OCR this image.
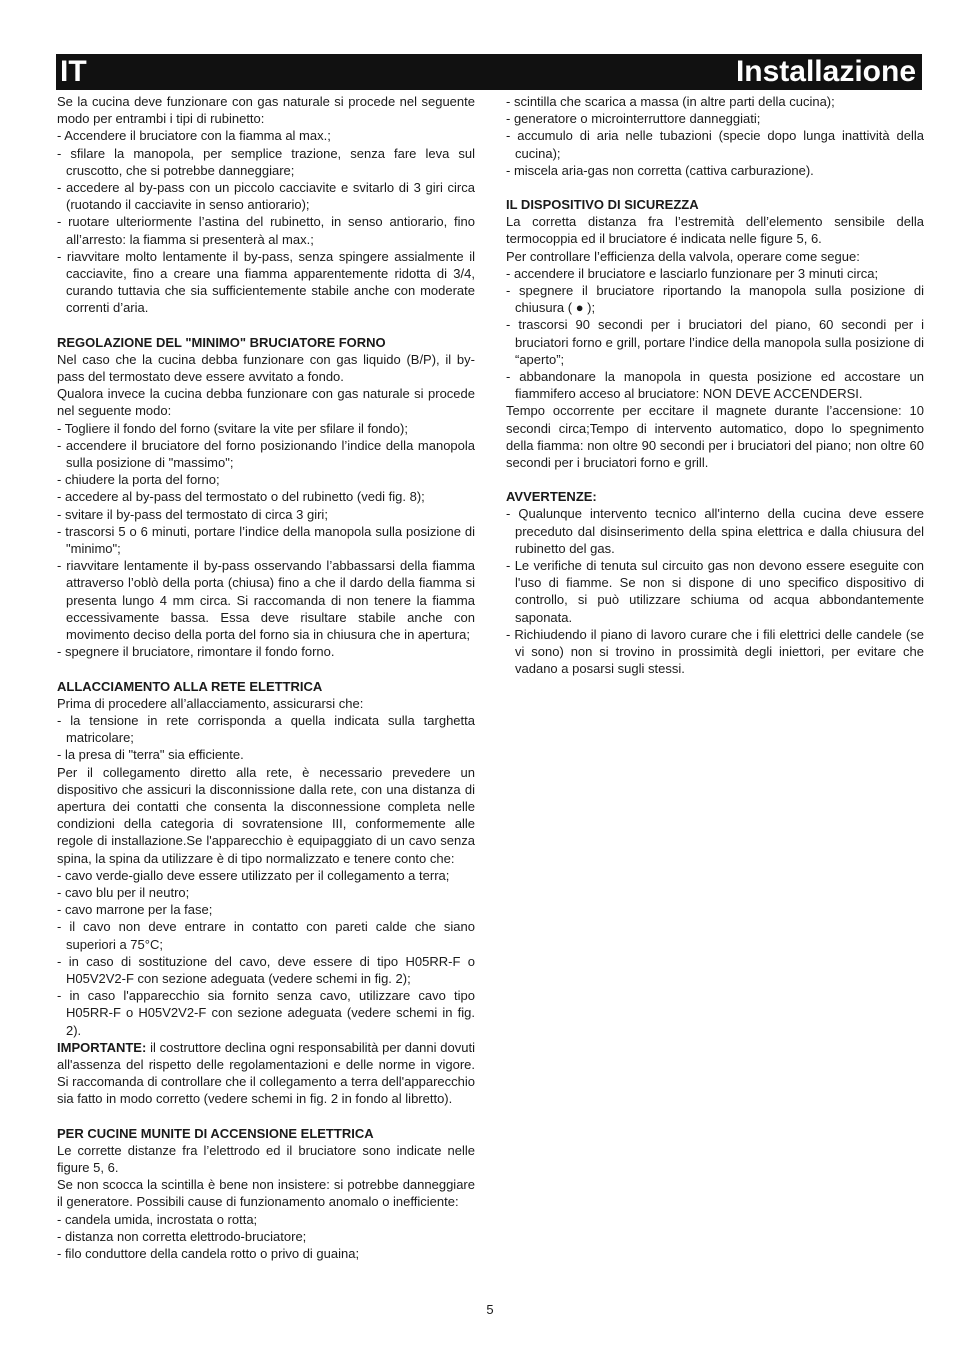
IT	Installazione

Se la cucina deve funzionare con gas naturale si procede nel seguente modo per entrambi i tipi di rubinetto:

- Accendere il bruciatore con la fiamma al max.;

- sfilare la manopola, per semplice trazione, senza fare leva sul cruscotto, che si potrebbe danneggiare;

- accedere al by-pass con un piccolo cacciavite e svitarlo di 3 giri circa (ruotando il cacciavite in senso antiorario);

- ruotare ulteriormente l’astina del rubinetto, in senso antiorario, fino all’arresto: la fiamma si presenterà al max.;

- riavvitare molto lentamente il by-pass, senza spingere assialmente il cacciavite, fino a creare una fiamma apparentemente ridotta di 3/4, curando tuttavia che sia sufficientemente stabile anche con moderate correnti d’aria.

REGOLAZIONE DEL "MINIMO" BRUCIATORE FORNO

Nel caso che la cucina debba funzionare con gas liquido (B/P), il by-pass del termostato deve essere avvitato a fondo.

Qualora invece la cucina debba funzionare con gas naturale si procede nel seguente modo:

- Togliere il fondo del forno (svitare la vite per sfilare il fondo);

- accendere il bruciatore del forno posizionando l’indice della manopola sulla posizione di "massimo";

- chiudere la porta del forno;

- accedere al by-pass del termostato o del rubinetto (vedi fig. 8);

- svitare il by-pass del termostato di circa 3 giri;

- trascorsi 5 o 6 minuti, portare l’indice della manopola sulla posizione di "minimo";

- riavvitare lentamente il by-pass osservando l’abbassarsi della fiamma attraverso l’oblò della porta (chiusa) fino a che il dardo della fiamma si presenta lungo 4 mm circa. Si raccomanda di non tenere la fiamma eccessivamente bassa. Essa deve risultare stabile anche con movimento deciso della porta del forno sia in chiusura che in apertura;

- spegnere il bruciatore, rimontare il fondo forno.

ALLACCIAMENTO ALLA RETE ELETTRICA

Prima di procedere all’allacciamento, assicurarsi che:

- la tensione in rete corrisponda a quella indicata sulla targhetta matricolare;

- la presa di "terra" sia efficiente.

Per il collegamento diretto alla rete, è necessario prevedere un dispositivo che assicuri la disconnissione dalla rete, con una distanza di apertura dei contatti che consenta la disconnessione completa nelle condizioni della categoria di sovratensione III, conformemente alle regole di installazione.Se l'apparecchio è equipaggiato di un cavo senza spina, la spina da utilizzare è di tipo normalizzato e tenere conto che:

- cavo verde-giallo deve essere utilizzato per il collegamento a terra;

- cavo blu per il neutro;

- cavo marrone per la fase;

- il cavo non deve entrare in contatto con pareti calde che siano superiori a 75°C;

- in caso di sostituzione del cavo, deve essere di tipo H05RR-F o H05V2V2-F con sezione adeguata (vedere schemi in fig. 2);

- in caso l'apparecchio sia fornito senza cavo, utilizzare cavo tipo H05RR-F o H05V2V2-F con sezione adeguata (vedere schemi in fig. 2).

IMPORTANTE: il costruttore declina ogni responsabilità per danni dovuti all'assenza del rispetto delle regolamentazioni e delle norme in vigore. Si raccomanda di controllare che il collegamento a terra dell'apparecchio sia fatto in modo corretto (vedere schemi in fig. 2 in fondo al libretto).

PER CUCINE MUNITE DI ACCENSIONE ELETTRICA

Le corrette distanze fra l’elettrodo ed il bruciatore sono indicate nelle figure 5, 6.

Se non scocca la scintilla è bene non insistere: si potrebbe danneggiare il generatore. Possibili cause di funzionamento anomalo o inefficiente:

- candela umida, incrostata o rotta;

- distanza non corretta elettrodo-bruciatore;

- filo conduttore della candela rotto o privo di guaina;

- scintilla che scarica a massa (in altre parti della cucina);

- generatore o microinterruttore danneggiati;

- accumulo di aria nelle tubazioni (specie dopo lunga inattività della cucina);

- miscela aria-gas non corretta (cattiva carburazione).

IL DISPOSITIVO DI SICUREZZA

La corretta distanza fra l’estremità dell’elemento sensibile della termocoppia ed il bruciatore é indicata nelle figure 5, 6.

Per controllare l’efficienza della valvola, operare come segue:

- accendere il bruciatore e lasciarlo funzionare per 3 minuti circa;

- spegnere il bruciatore riportando la manopola sulla posizione di chiusura ( ● );

- trascorsi 90 secondi per i bruciatori del piano, 60 secondi per i bruciatori forno e grill, portare l’indice della manopola sulla posizione di “aperto”;

- abbandonare la manopola in questa posizione ed accostare un fiammifero acceso al bruciatore: NON DEVE ACCENDERSI.

Tempo occorrente per eccitare il magnete durante l’accensione: 10 secondi circa;Tempo di intervento automatico, dopo lo spegnimento della fiamma: non oltre 90 secondi per i bruciatori del piano; non oltre 60 secondi per i bruciatori forno e grill.

AVVERTENZE:

- Qualunque intervento tecnico all'interno della cucina deve essere preceduto dal disinserimento della spina elettrica e dalla chiusura del rubinetto del gas.

- Le verifiche di tenuta sul circuito gas non devono essere eseguite con l'uso di fiamme. Se non si dispone di uno specifico dispositivo di controllo, si può utilizzare schiuma od acqua abbondantemente saponata.

- Richiudendo il piano di lavoro curare che i fili elettrici delle candele (se vi sono) non si trovino in prossimità degli iniettori, per evitare che vadano a posarsi sugli stessi.

5
